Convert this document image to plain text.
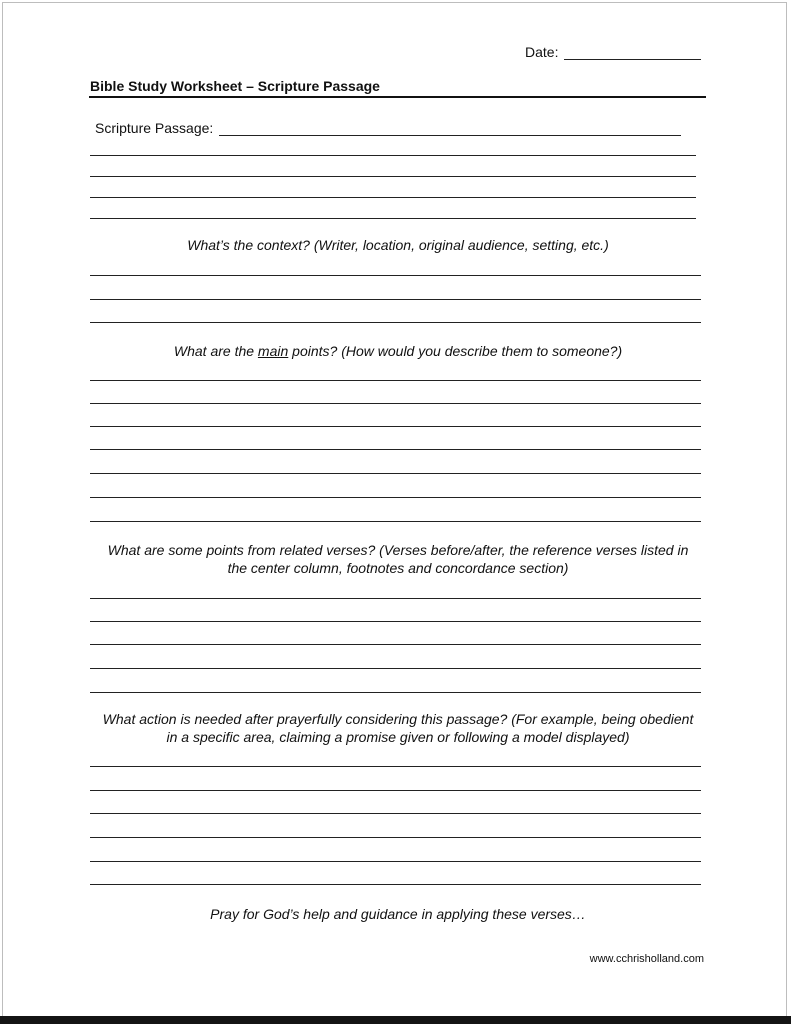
Date:
Bible Study Worksheet – Scripture Passage
Scripture Passage:
What’s the context? (Writer, location, original audience, setting, etc.)
What are the main points? (How would you describe them to someone?)
What are some points from related verses? (Verses before/after, the reference verses listed in the center column, footnotes and concordance section)
What action is needed after prayerfully considering this passage? (For example, being obedient in a specific area, claiming a promise given or following a model displayed)
Pray for God’s help and guidance in applying these verses…
www.cchrisholland.com
